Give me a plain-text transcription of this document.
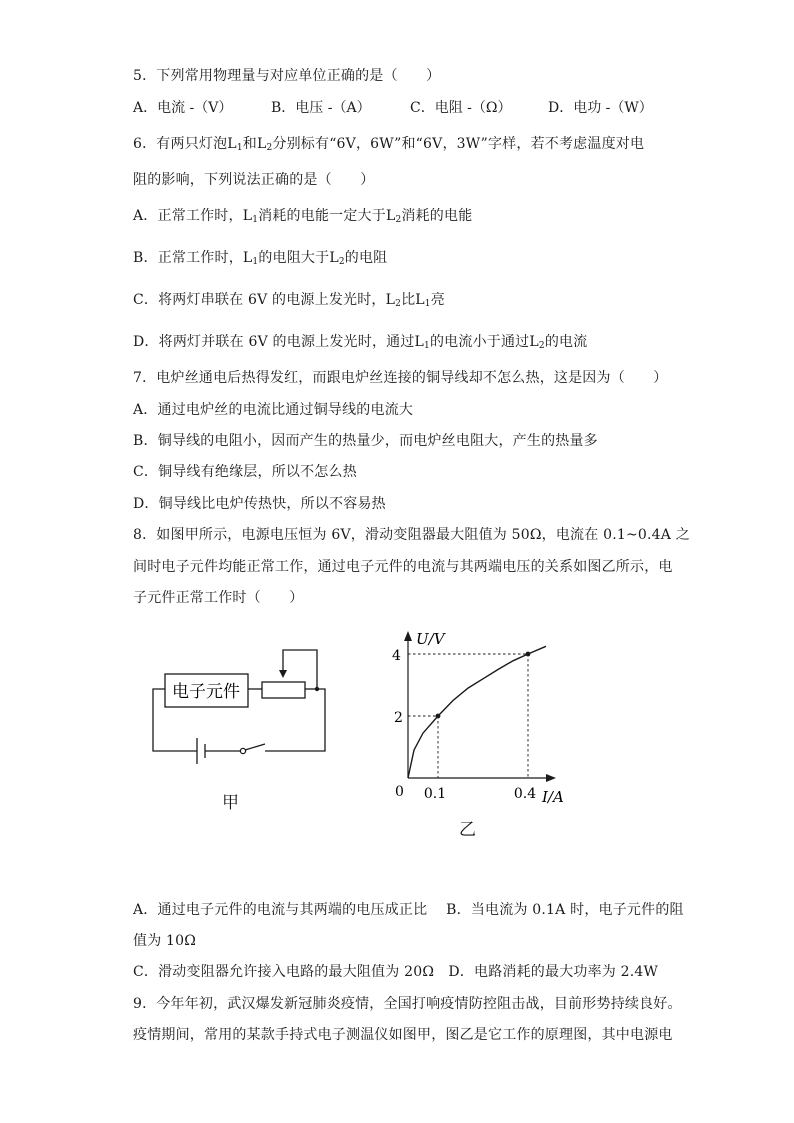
5．下列常用物理量与对应单位正确的是（　　）
A．电流 -（V）	B．电压 -（A）	C．电阻 -（Ω）	D．电功 -（W）
6．有两只灯泡$L_1$和$L_2$分别标有“6V，6W”和“6V，3W”字样，若不考虑温度对电
阻的影响，下列说法正确的是（　　）
A．正常工作时，$L_1$消耗的电能一定大于$L_2$消耗的电能
B．正常工作时，$L_1$的电阻大于$L_2$的电阻
C．将两灯串联在 6V 的电源上发光时，$L_2$比$L_1$亮
D．将两灯并联在 6V 的电源上发光时，通过$L_1$的电流小于通过$L_2$的电流
7．电炉丝通电后热得发红，而跟电炉丝连接的铜导线却不怎么热，这是因为（　　）
A．通过电炉丝的电流比通过铜导线的电流大
B．铜导线的电阻小，因而产生的热量少，而电炉丝电阻大，产生的热量多
C．铜导线有绝缘层，所以不怎么热
D．铜导线比电炉传热快，所以不容易热
8．如图甲所示，电源电压恒为 6V，滑动变阻器最大阻值为 50Ω，电流在 0.1~0.4A 之
间时电子元件均能正常工作，通过电子元件的电流与其两端电压的关系如图乙所示，电
子元件正常工作时（　　）
电子元件
甲
U/V
I/A
0 0.1	0.4
2
4
乙
A．通过电子元件的电流与其两端的电压成正比　 B．当电流为 0.1A 时，电子元件的阻
值为 10Ω
C．滑动变阻器允许接入电路的最大阻值为 20Ω　D．电路消耗的最大功率为 2.4W
9．今年年初，武汉爆发新冠肺炎疫情，全国打响疫情防控阻击战，目前形势持续良好。
疫情期间，常用的某款手持式电子测温仪如图甲，图乙是它工作的原理图，其中电源电
